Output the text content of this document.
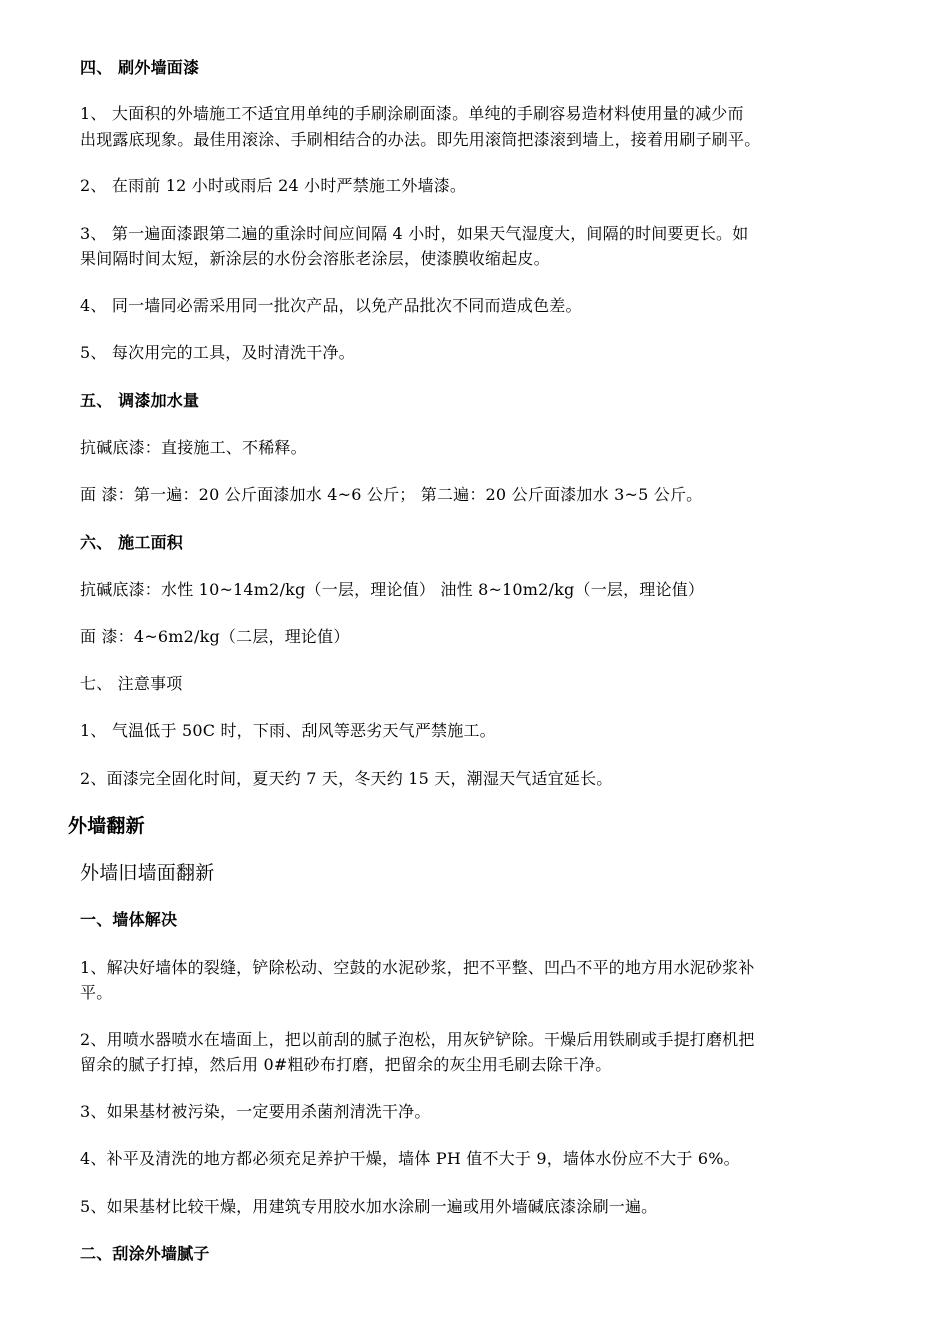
四、 刷外墙面漆
1、 大面积的外墙施工不适宜用单纯的手刷涂刷面漆。单纯的手刷容易造材料使用量的减少而
出现露底现象。最佳用滚涂、手刷相结合的办法。即先用滚筒把漆滚到墙上，接着用刷子刷平。
2、 在雨前 12 小时或雨后 24 小时严禁施工外墙漆。
3、 第一遍面漆跟第二遍的重涂时间应间隔 4 小时，如果天气湿度大，间隔的时间要更长。如
果间隔时间太短，新涂层的水份会溶胀老涂层，使漆膜收缩起皮。
4、 同一墙同必需采用同一批次产品，以免产品批次不同而造成色差。
5、 每次用完的工具，及时清洗干净。
五、 调漆加水量
抗碱底漆：直接施工、不稀释。
面 漆：第一遍：20 公斤面漆加水 4~6 公斤； 第二遍：20 公斤面漆加水 3~5 公斤。
六、 施工面积
抗碱底漆：水性 10~14m2/kg（一层，理论值） 油性 8~10m2/kg（一层，理论值）
面 漆：4~6m2/kg（二层，理论值）
七、 注意事项
1、 气温低于 50C 时，下雨、刮风等恶劣天气严禁施工。
2、面漆完全固化时间，夏天约 7 天，冬天约 15 天，潮湿天气适宜延长。
外墙翻新
外墙旧墙面翻新
一、墙体解决
1、解决好墙体的裂缝，铲除松动、空鼓的水泥砂浆，把不平整、凹凸不平的地方用水泥砂浆补
平。
2、用喷水器喷水在墙面上，把以前刮的腻子泡松，用灰铲铲除。干燥后用铁刷或手提打磨机把
留余的腻子打掉，然后用 0#粗砂布打磨，把留余的灰尘用毛刷去除干净。
3、如果基材被污染，一定要用杀菌剂清洗干净。
4、补平及清洗的地方都必须充足养护干燥，墙体 PH 值不大于 9，墙体水份应不大于 6%。
5、如果基材比较干燥，用建筑专用胶水加水涂刷一遍或用外墙碱底漆涂刷一遍。
二、刮涂外墙腻子
